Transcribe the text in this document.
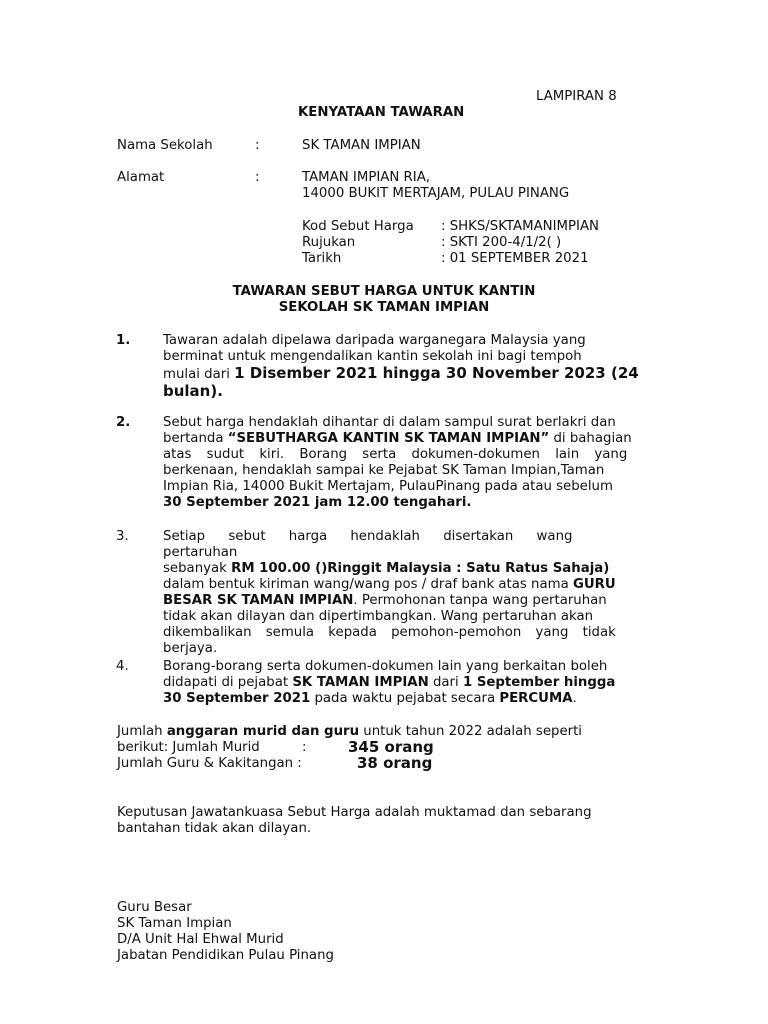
LAMPIRAN 8
KENYATAAN TAWARAN
Nama Sekolah	:	SK TAMAN IMPIAN
Alamat	:	TAMAN IMPIAN RIA,
14000 BUKIT MERTAJAM, PULAU PINANG
Kod Sebut Harga : SHKS/SKTAMANIMPIAN
Rujukan	: SKTI 200-4/1/2( )
Tarikh	: 01 SEPTEMBER 2021
TAWARAN SEBUT HARGA UNTUK KANTIN
SEKOLAH SK TAMAN IMPIAN
1. Tawaran adalah dipelawa daripada warganegara Malaysia yang
berminat untuk mengendalikan kantin sekolah ini bagi tempoh
mulai dari 1 Disember 2021 hingga 30 November 2023 (24
bulan).
2. Sebut harga hendaklah dihantar di dalam sampul surat berlakri dan
bertanda “SEBUTHARGA KANTIN SK TAMAN IMPIAN” di bahagian
atas sudut kiri. Borang serta dokumen-dokumen lain yang
berkenaan, hendaklah sampai ke Pejabat SK Taman Impian,Taman
Impian Ria, 14000 Bukit Mertajam, PulauPinang pada atau sebelum
30 September 2021 jam 12.00 tengahari.
3.	Setiap sebut harga hendaklah disertakan wang pertaruhan
sebanyak RM 100.00 ()Ringgit Malaysia : Satu Ratus Sahaja)
dalam bentuk kiriman wang/wang pos / draf bank atas nama GURU
BESAR SK TAMAN IMPIAN. Permohonan tanpa wang pertaruhan
tidak akan dilayan dan dipertimbangkan. Wang pertaruhan akan
dikembalikan semula kepada pemohon-pemohon yang tidak
berjaya.
4.	Borang-borang serta dokumen-dokumen lain yang berkaitan boleh
didapati di pejabat SK TAMAN IMPIAN dari 1 September hingga
30 September 2021 pada waktu pejabat secara PERCUMA.
Jumlah anggaran murid dan guru untuk tahun 2022 adalah seperti
berikut: Jumlah Murid	:	345 orang
Jumlah Guru & Kakitangan :	38 orang
Keputusan Jawatankuasa Sebut Harga adalah muktamad dan sebarang
bantahan tidak akan dilayan.
Guru Besar
SK Taman Impian
D/A Unit Hal Ehwal Murid
Jabatan Pendidikan Pulau Pinang
